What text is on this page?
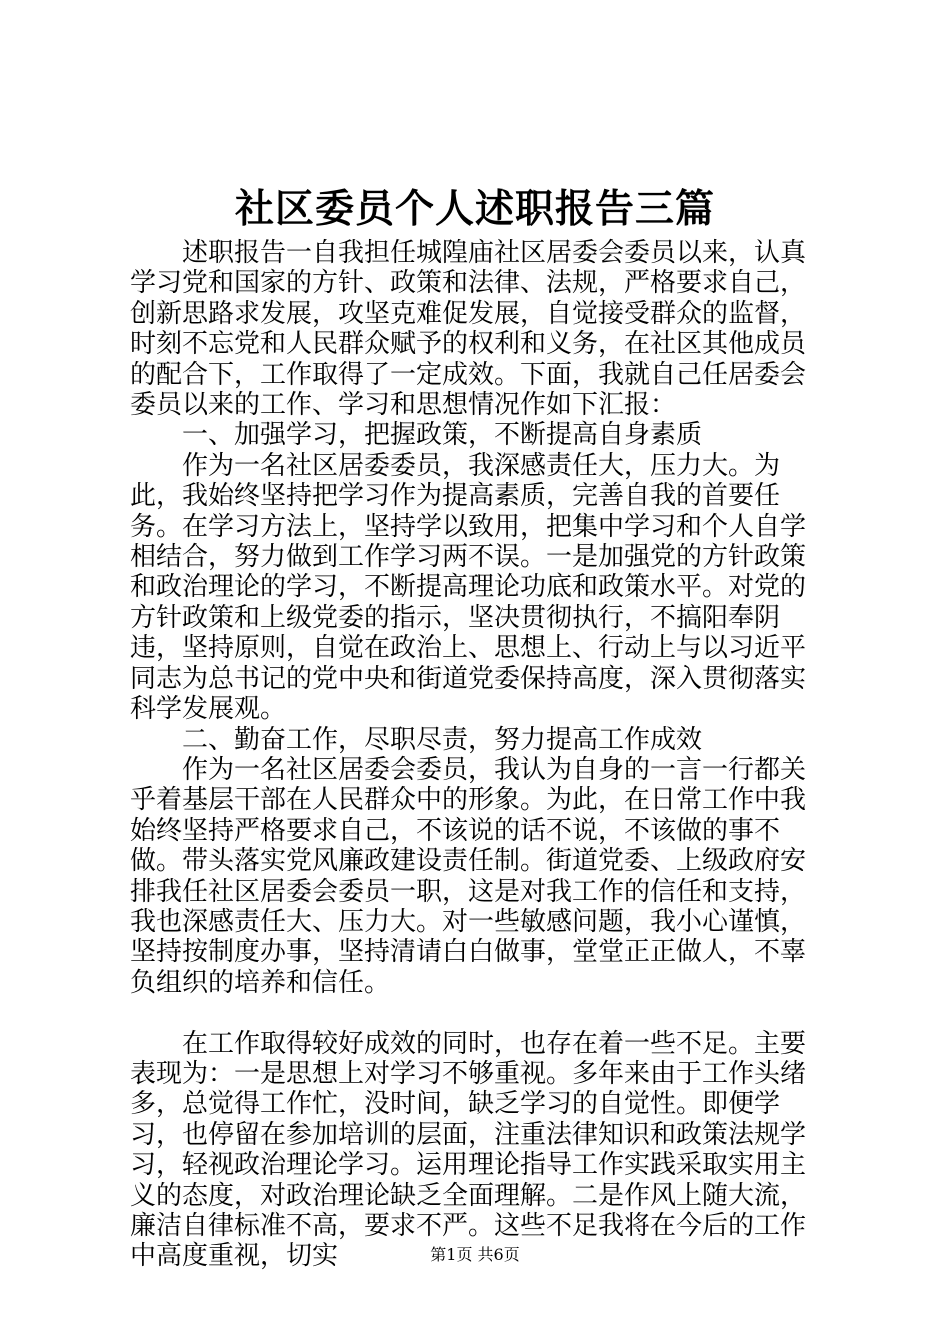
社区委员个人述职报告三篇

述职报告一自我担任城隍庙社区居委会委员以来，认真学习党和国家的方针、政策和法律、法规，严格要求自己，创新思路求发展，攻坚克难促发展，自觉接受群众的监督，时刻不忘党和人民群众赋予的权利和义务，在社区其他成员的配合下，工作取得了一定成效。下面，我就自己任居委会委员以来的工作、学习和思想情况作如下汇报：

一、加强学习，把握政策，不断提高自身素质

作为一名社区居委委员，我深感责任大，压力大。为此，我始终坚持把学习作为提高素质，完善自我的首要任务。在学习方法上，坚持学以致用，把集中学习和个人自学相结合，努力做到工作学习两不误。一是加强党的方针政策和政治理论的学习，不断提高理论功底和政策水平。对党的方针政策和上级党委的指示，坚决贯彻执行，不搞阳奉阴违，坚持原则，自觉在政治上、思想上、行动上与以习近平同志为总书记的党中央和街道党委保持高度，深入贯彻落实科学发展观。

二、勤奋工作，尽职尽责，努力提高工作成效

作为一名社区居委会委员，我认为自身的一言一行都关乎着基层干部在人民群众中的形象。为此，在日常工作中我始终坚持严格要求自己，不该说的话不说，不该做的事不做。带头落实党风廉政建设责任制。街道党委、上级政府安排我任社区居委会委员一职，这是对我工作的信任和支持，我也深感责任大、压力大。对一些敏感问题，我小心谨慎，坚持按制度办事，坚持清请白白做事，堂堂正正做人，不辜负组织的培养和信任。

在工作取得较好成效的同时，也存在着一些不足。主要表现为：一是思想上对学习不够重视。多年来由于工作头绪多，总觉得工作忙，没时间，缺乏学习的自觉性。即便学习，也停留在参加培训的层面，注重法律知识和政策法规学习，轻视政治理论学习。运用理论指导工作实践采取实用主义的态度，对政治理论缺乏全面理解。二是作风上随大流，廉洁自律标准不高，要求不严。这些不足我将在今后的工作中高度重视，切实	第1页 共6页
